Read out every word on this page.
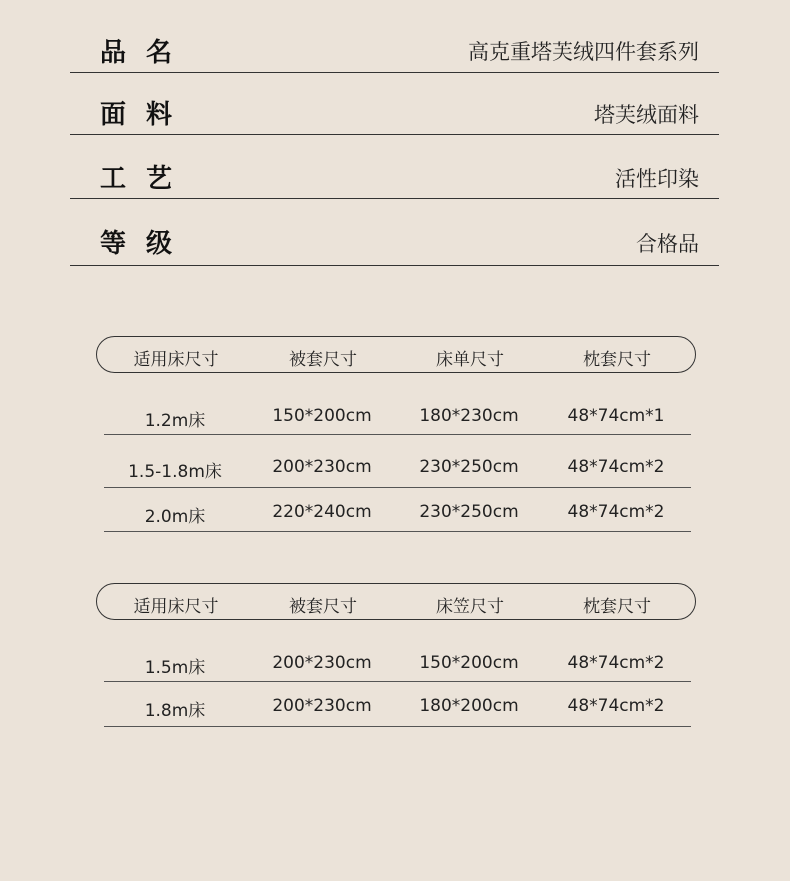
品名	高克重塔芙绒四件套系列
面料	塔芙绒面料
工艺	活性印染
等级	合格品
适用床尺寸	被套尺寸	床单尺寸	枕套尺寸
1.2m床	150*200cm	180*230cm	48*74cm*1
1.5-1.8m床	200*230cm	230*250cm	48*74cm*2
2.0m床	220*240cm	230*250cm	48*74cm*2
适用床尺寸	被套尺寸	床笠尺寸	枕套尺寸
1.5m床	200*230cm	150*200cm	48*74cm*2
1.8m床	200*230cm	180*200cm	48*74cm*2
